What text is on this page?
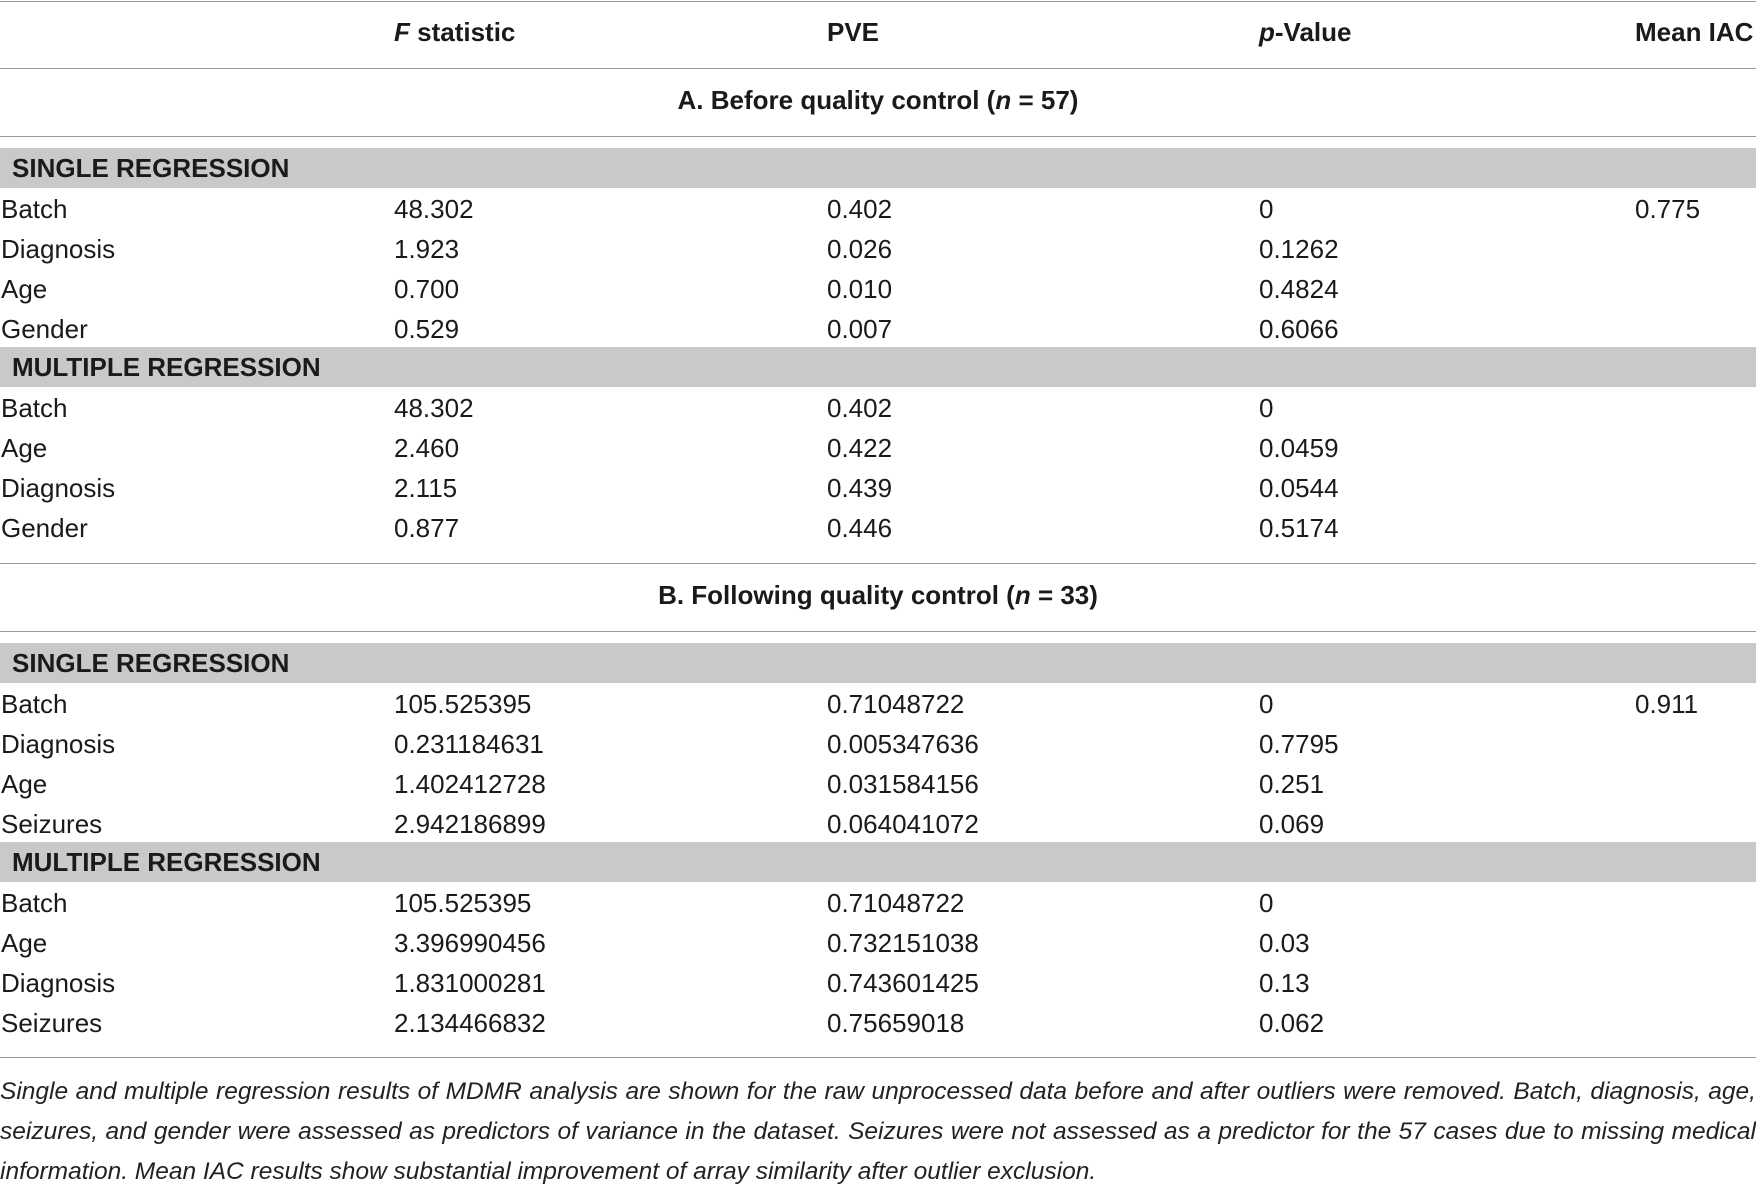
F statistic	PVE	p-Value	Mean IAC
A. Before quality control (n = 57)
SINGLE REGRESSION
Batch	48.302	0.402	0	0.775
Diagnosis	1.923	0.026	0.1262
Age	0.700	0.010	0.4824
Gender	0.529	0.007	0.6066
MULTIPLE REGRESSION
Batch	48.302	0.402	0
Age	2.460	0.422	0.0459
Diagnosis	2.115	0.439	0.0544
Gender	0.877	0.446	0.5174
B. Following quality control (n = 33)
SINGLE REGRESSION
Batch	105.525395	0.71048722	0	0.911
Diagnosis	0.231184631	0.005347636	0.7795
Age	1.402412728	0.031584156	0.251
Seizures	2.942186899	0.064041072	0.069
MULTIPLE REGRESSION
Batch	105.525395	0.71048722	0
Age	3.396990456	0.732151038	0.03
Diagnosis	1.831000281	0.743601425	0.13
Seizures	2.134466832	0.75659018	0.062
Single and multiple regression results of MDMR analysis are shown for the raw unprocessed data before and after outliers were removed. Batch, diagnosis, age, seizures, and gender were assessed as predictors of variance in the dataset. Seizures were not assessed as a predictor for the 57 cases due to missing medical information. Mean IAC results show substantial improvement of array similarity after outlier exclusion.
